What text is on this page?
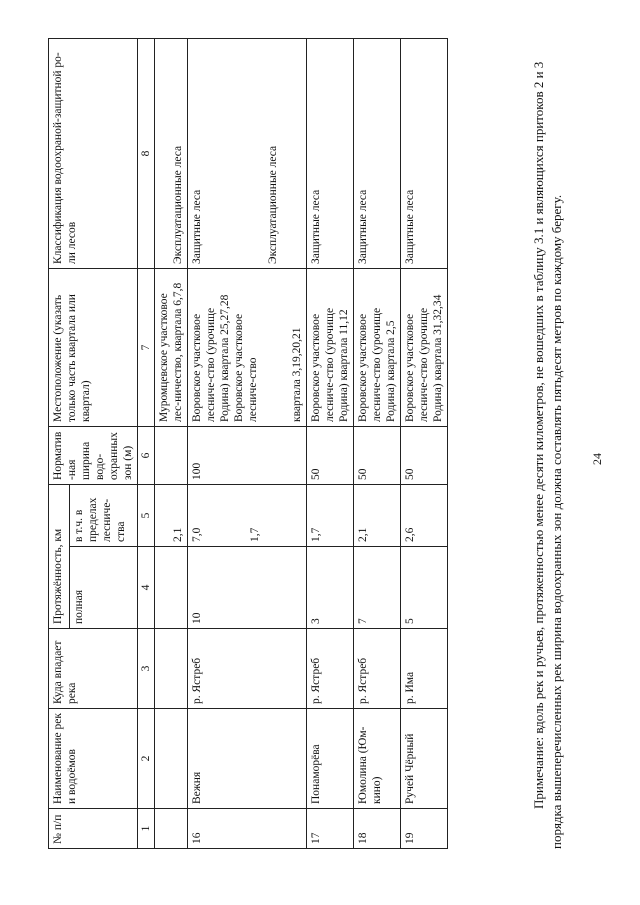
№ п/п	Наименование рек и водоёмов	Куда впадает река	Протяжённость, км		Норматив-ная ширина водо-охранных зон (м)	Местоположение (указать только часть квартала или квартал)	Классификация водоохраной-защитной ро-ли лесов
			полная	в т.ч. в пределах лесниче-ства			
1	2	3	4	5	6	7	8
				2,1		Муромцевское участковое лес-ничество, квартала 6,7,8	Эксплуатационные леса
16	Вежня	р. Ястреб	10	7,0 1,7	100	Воровское участковое лесниче-ство (урочище Родина) квартала 25,27,28 Воровское участковое лесниче-ство квартала 3,19,20,21	Защитные леса Эксплуатационные леса

17	Понаморёва	р. Ястреб	3	1,7	50	Воровское участковое лесниче-ство (урочище Родина) квартала 11,12	Защитные леса
18	Юмолина (Юм-кино)	р. Ястреб	7	2,1	50	Воровское участковое лесниче-ство (урочище Родина) квартала 2,5	Защитные леса
19	Ручей Чёрный	р. Има	5	2,6	50	Воровское участковое лесниче-ство (урочище Родина) квартала 31,32,34	Защитные леса	Примечание: вдоль рек и ручьев, протяженностью менее десяти километров, не вошедших в таблицу 3.1 и являющихся притоков 2 и 3 порядка вышеперечисленных рек ширина водоохранных зон должна составлять пятьдесят метров по каждому берегу. 24
